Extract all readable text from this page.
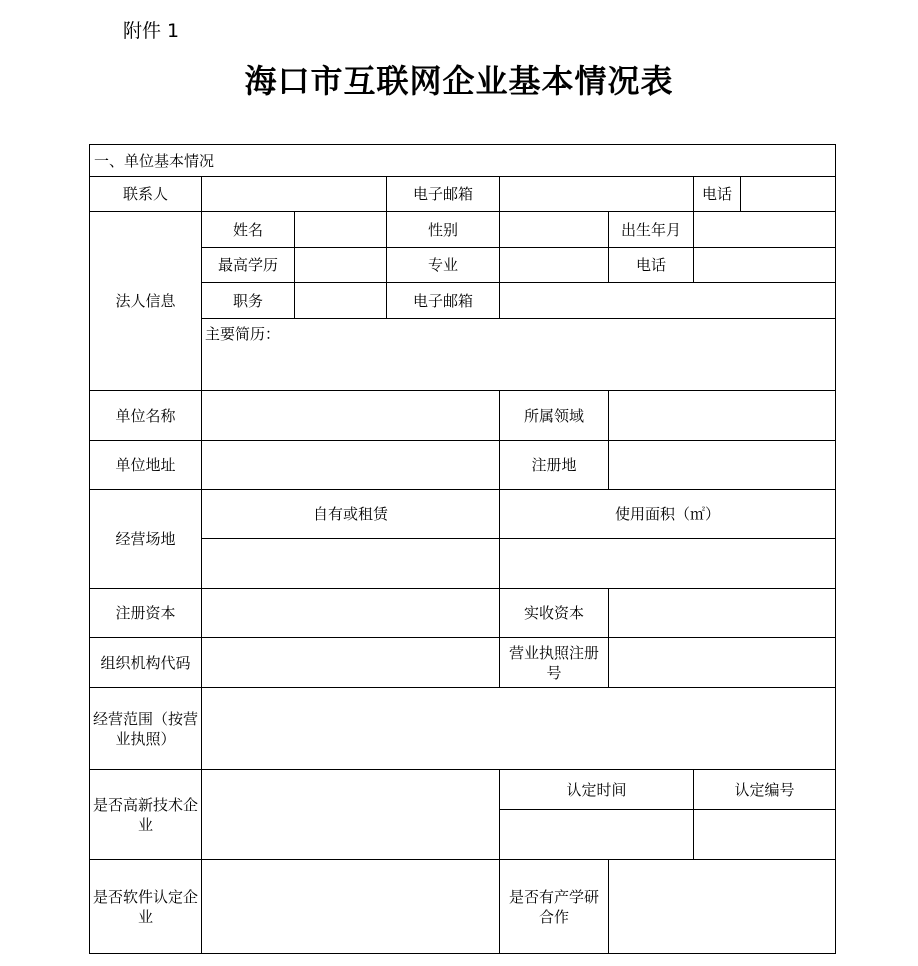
附件 1
海口市互联网企业基本情况表
一、单位基本情况							
联系人			电子邮箱			电话	
法人信息	姓名		性别		出生年月		
	最高学历		专业		电话		
	职务		电子邮箱				
	主要简历：						
单位名称				所属领域			
单位地址				注册地			
经营场地	自有或租赁			使用面积（㎡）			

注册资本				实收资本			
组织机构代码				营业执照注册号			
经营范围（按营业执照）							
是否高新技术企业				认定时间		认定编号	

是否软件认定企业				是否有产学研合作			
